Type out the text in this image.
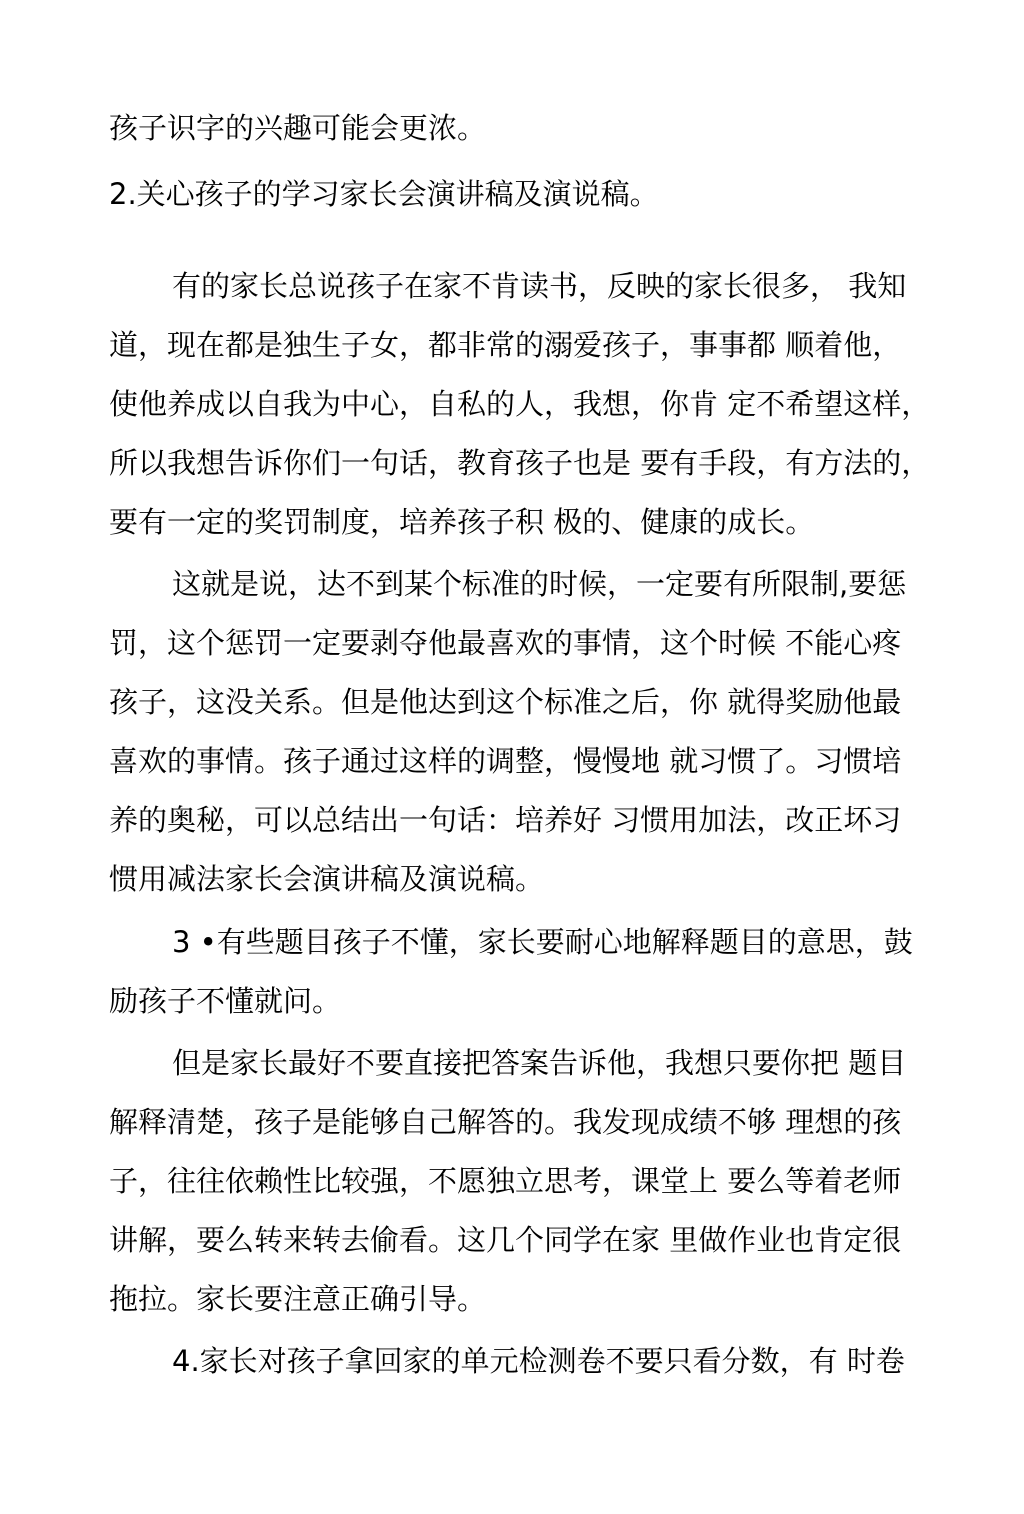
孩子识字的兴趣可能会更浓。
2.关心孩子的学习家长会演讲稿及演说稿。
有的家长总说孩子在家不肯读书，反映的家长很多， 我知
道，现在都是独生子女，都非常的溺爱孩子，事事都 顺着他，
使他养成以自我为中心，自私的人，我想，你肯 定不希望这样，
所以我想告诉你们一句话，教育孩子也是 要有手段，有方法的，
要有一定的奖罚制度，培养孩子积 极的、健康的成长。
这就是说，达不到某个标准的时候，一定要有所限制,要惩
罚，这个惩罚一定要剥夺他最喜欢的事情，这个时候 不能心疼
孩子，这没关系。但是他达到这个标准之后，你 就得奖励他最
喜欢的事情。孩子通过这样的调整，慢慢地 就习惯了。习惯培
养的奥秘，可以总结出一句话：培养好 习惯用加法，改正坏习
惯用减法家长会演讲稿及演说稿。
3 •有些题目孩子不懂，家长要耐心地解释题目的意思，鼓
励孩子不懂就问。
但是家长最好不要直接把答案告诉他，我想只要你把 题目
解释清楚，孩子是能够自己解答的。我发现成绩不够 理想的孩
子，往往依赖性比较强，不愿独立思考，课堂上 要么等着老师
讲解，要么转来转去偷看。这几个同学在家 里做作业也肯定很
拖拉。家长要注意正确引导。
4.家长对孩子拿回家的单元检测卷不要只看分数，有 时卷
